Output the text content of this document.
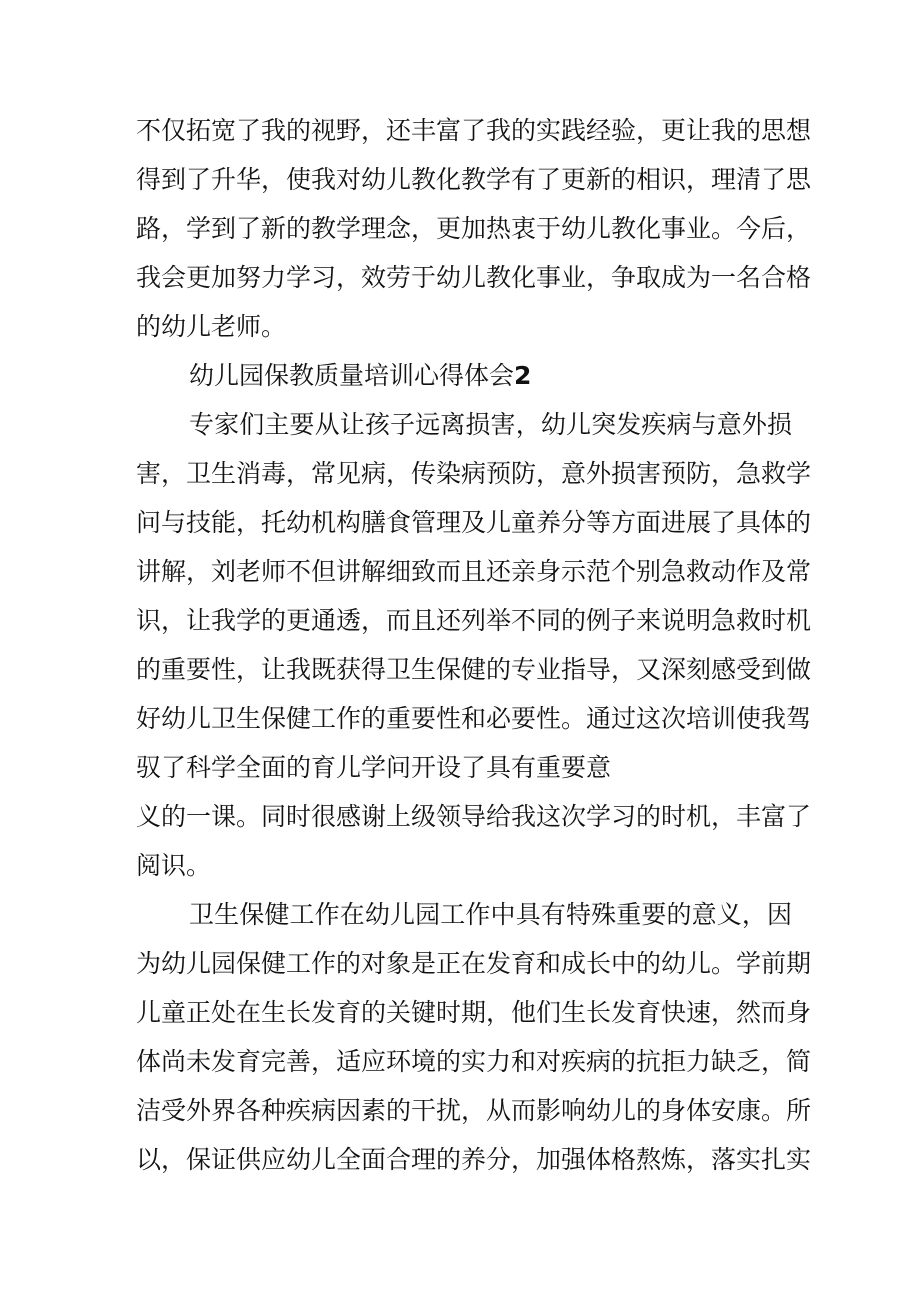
不仅拓宽了我的视野，还丰富了我的实践经验，更让我的思想
得到了升华，使我对幼儿教化教学有了更新的相识，理清了思
路，学到了新的教学理念，更加热衷于幼儿教化事业。今后，
我会更加努力学习，效劳于幼儿教化事业，争取成为一名合格
的幼儿老师。
幼儿园保教质量培训心得体会2
专家们主要从让孩子远离损害，幼儿突发疾病与意外损
害，卫生消毒，常见病，传染病预防，意外损害预防，急救学
问与技能，托幼机构膳食管理及儿童养分等方面进展了具体的
讲解，刘老师不但讲解细致而且还亲身示范个别急救动作及常
识，让我学的更通透，而且还列举不同的例子来说明急救时机
的重要性，让我既获得卫生保健的专业指导，又深刻感受到做
好幼儿卫生保健工作的重要性和必要性。通过这次培训使我驾
驭了科学全面的育儿学问开设了具有重要意
义的一课。同时很感谢上级领导给我这次学习的时机，丰富了
阅识。
卫生保健工作在幼儿园工作中具有特殊重要的意义，因
为幼儿园保健工作的对象是正在发育和成长中的幼儿。学前期
儿童正处在生长发育的关键时期，他们生长发育快速，然而身
体尚未发育完善，适应环境的实力和对疾病的抗拒力缺乏，简
洁受外界各种疾病因素的干扰，从而影响幼儿的身体安康。所
以，保证供应幼儿全面合理的养分，加强体格熬炼，落实扎实
